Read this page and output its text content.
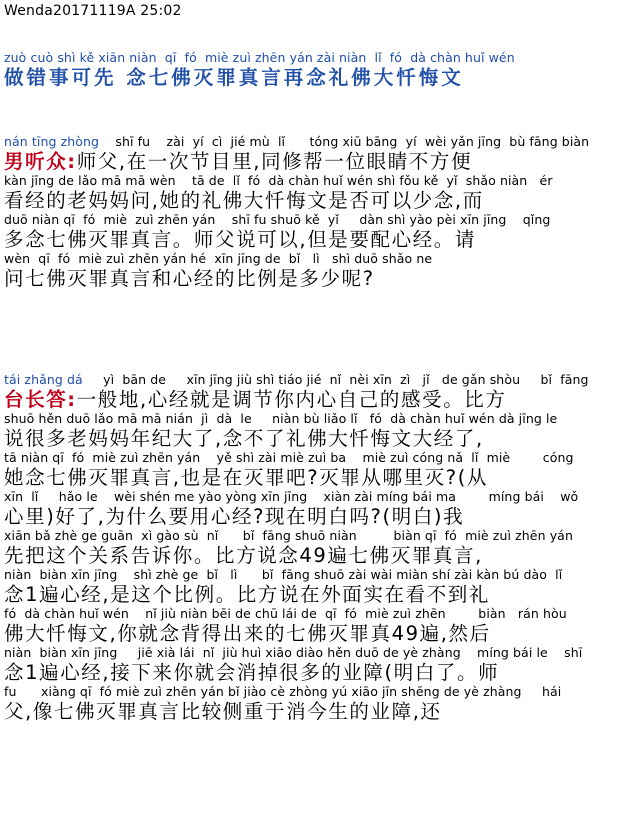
Wenda20171119A 25:02
zuò cuò shì kě xiān niàn  qī  fó  miè zuì zhēn yán zài niàn  lǐ  fó  dà chàn huǐ wén
做错事可先 念七佛灭罪真言再念礼佛大忏悔文
nán tīng zhòng    shī fu    zài  yí  cì  jié mù  lǐ      tóng xiū bāng  yí  wèi yǎn jīng  bù fāng biàn
男听众:师父,在一次节目里,同修帮一位眼睛不方便
kàn jīng de lǎo mā mā wèn    tā de  lǐ  fó  dà chàn huǐ wén shì fǒu kě  yǐ  shǎo niàn   ér
看经的老妈妈问,她的礼佛大忏悔文是否可以少念,而
duō niàn qī  fó  miè  zuì zhēn yán    shī fu shuō kě  yǐ     dàn shì yào pèi xīn jīng    qǐng
多念七佛灭罪真言。师父说可以,但是要配心经。请
wèn  qī  fó  miè zuì zhēn yán hé  xīn jīng de  bǐ   lì   shì duō shǎo ne
问七佛灭罪真言和心经的比例是多少呢?
tái zhǎng dá     yì  bān de     xīn jīng jiù shì tiáo jié  nǐ  nèi xīn  zì   jǐ   de gǎn shòu     bǐ  fāng
台长答:一般地,心经就是调节你内心自己的感受。比方
shuō hěn duō lǎo mā mā nián  jì  dà  le     niàn bù liǎo lǐ   fó  dà chàn huǐ wén dà jīng le
说很多老妈妈年纪大了,念不了礼佛大忏悔文大经了,
tā niàn qī  fó  miè zuì zhēn yán    yě shì zài miè zuì ba    miè zuì cóng nǎ  lǐ  miè        cóng
她念七佛灭罪真言,也是在灭罪吧?灭罪从哪里灭?(从
xīn  lǐ     hǎo le    wèi shén me yào yòng xīn jīng    xiàn zài míng bái ma        míng bái    wǒ
心里)好了,为什么要用心经?现在明白吗?(明白)我
xiān bǎ zhè ge guān  xì gào sù  nǐ      bǐ  fāng shuō niàn         biàn qī  fó  miè zuì zhēn yán
先把这个关系告诉你。比方说念49遍七佛灭罪真言,
niàn  biàn xīn jīng    shì zhè ge  bǐ   lì      bǐ  fāng shuō zài wài miàn shí zài kàn bú dào  lǐ
念1遍心经,是这个比例。比方说在外面实在看不到礼
fó  dà chàn huǐ wén    nǐ jiù niàn bēi de chū lái de  qī  fó  miè zuì zhēn        biàn   rán hòu
佛大忏悔文,你就念背得出来的七佛灭罪真49遍,然后
niàn  biàn xīn jīng     jiē xià lái  nǐ  jiù huì xiāo diào hěn duō de yè zhàng    míng bái le    shī
念1遍心经,接下来你就会消掉很多的业障(明白了。师
fu      xiàng qī  fó miè zuì zhēn yán bǐ jiào cè zhòng yú xiāo jīn shēng de yè zhàng     hái
父,像七佛灭罪真言比较侧重于消今生的业障,还
